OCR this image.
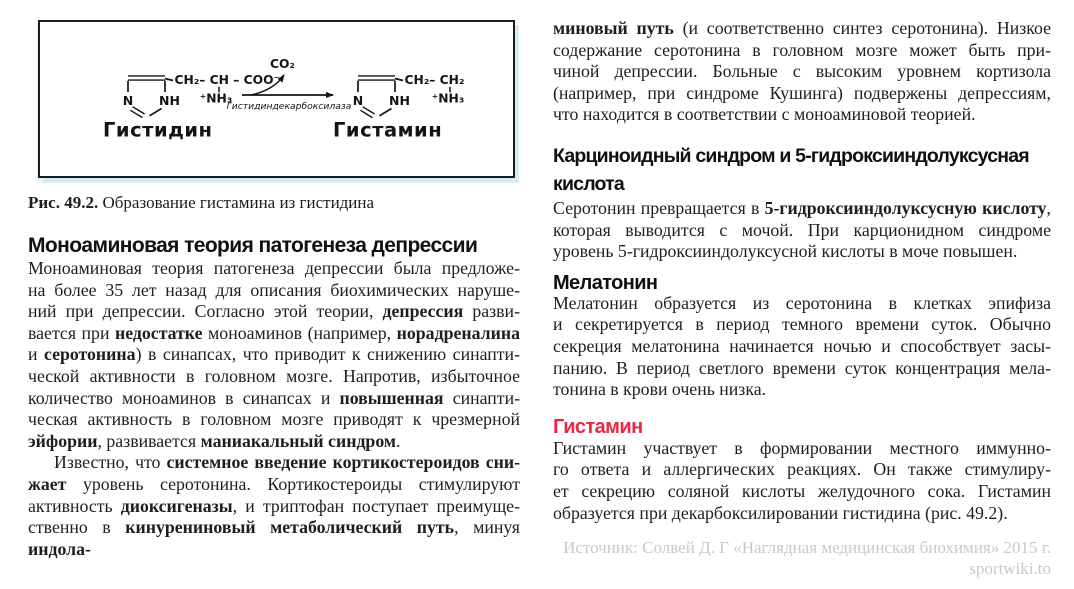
N NH
CH₂– CH – COO⁻
⁺NH₃
Гистидин
CO₂
Гистидиндекарбоксилаза N NH
CH₂– CH₂
⁺NH₃
Гистамин
Рис. 49.2. Образование гистамина из гистидина
Моноаминовая теория патогенеза депрессии
Моноаминовая теория патогенеза депрессии была предложе-
на более 35 лет назад для описания биохимических наруше-
ний при депрессии. Согласно этой теории, депрессия разви-
вается при недостатке моноаминов (например, норадреналина
и серотонина) в синапсах, что приводит к снижению синапти-
ческой активности в головном мозге. Напротив, избыточное
количество моноаминов в синапсах и повышенная синапти-
ческая активность в головном мозге приводят к чрезмерной
эйфории, развивается маниакальный синдром.
Известно, что системное введение кортикостероидов сни-
жает уровень серотонина. Кортикостероиды стимулируют
активность диоксигеназы, и триптофан поступает преимуще-
ственно в кинурениновый метаболический путь, минуя индола-
миновый путь (и соответственно синтез серотонина). Низкое
содержание серотонина в головном мозге может быть при-
чиной депрессии. Больные с высоким уровнем кортизола
(например, при синдроме Кушинга) подвержены депрессиям,
что находится в соответствии с моноаминовой теорией.
Карциноидный синдром и 5-гидроксииндолуксусная
кислота
Серотонин превращается в 5-гидроксииндолуксусную кислоту,
которая выводится с мочой. При карционидном синдроме
уровень 5-гидроксииндолуксусной кислоты в моче повышен.
Мелатонин
Мелатонин образуется из серотонина в клетках эпифиза
и секретируется в период темного времени суток. Обычно
секреция мелатонина начинается ночью и способствует засы-
панию. В период светлого времени суток концентрация мела-
тонина в крови очень низка.
Гистамин
Гистамин участвует в формировании местного иммунно-
го ответа и аллергических реакциях. Он также стимулиру-
ет секрецию соляной кислоты желудочного сока. Гистамин
образуется при декарбоксилировании гистидина (рис. 49.2).
Источник: Солвей Д. Г «Наглядная медицинская биохимия» 2015 г.
sportwiki.to
